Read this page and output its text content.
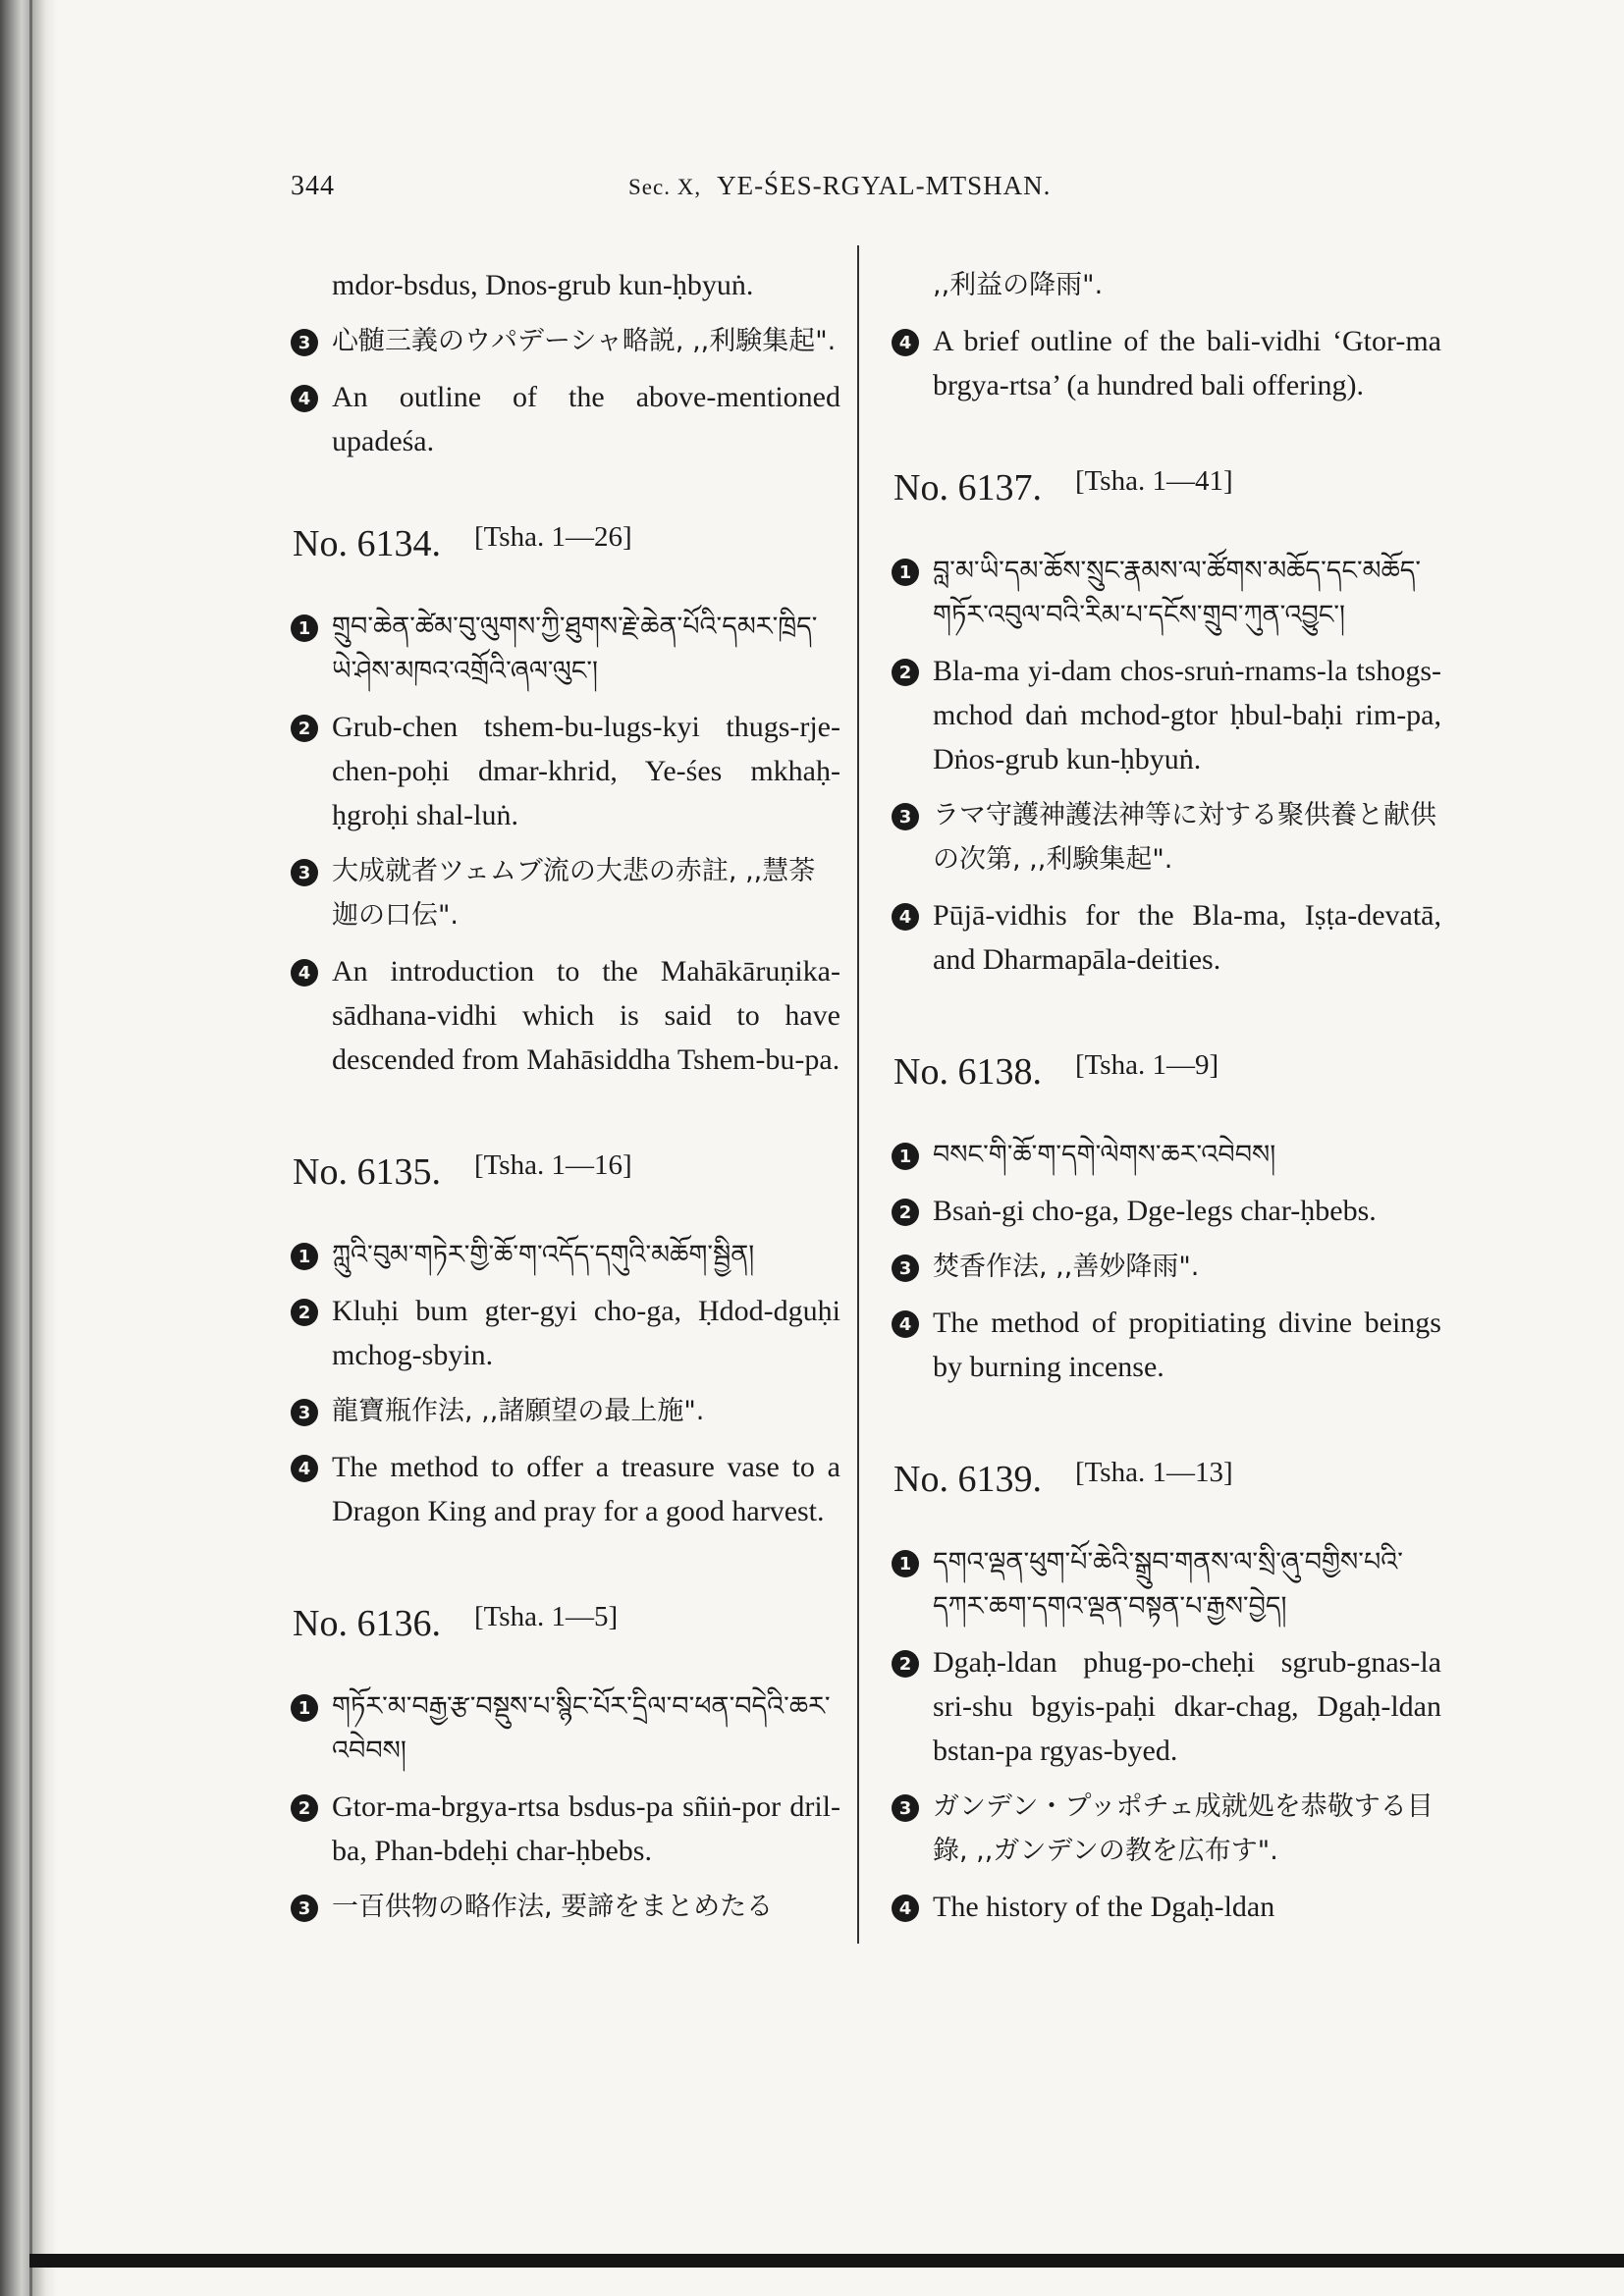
344	Sec. X, YE-ŚES-RGYAL-MTSHAN.
mdor-bsdus, Dnos-grub kun-ḥbyuṅ.
3 心髄三義のウパデーシャ略説, ,,利験集起".
4 An outline of the above-mentioned upadeśa.
No. 6134. [Tsha. 1—26]
1 གྲུབ་ཆེན་ཚེམ་བུ་ལུགས་ཀྱི་ཐུགས་རྗེ་ཆེན་པོའི་དམར་ཁྲིད་ཡེ་ཤེས་མཁའ་འགྲོའི་ཞལ་ལུང་།
2 Grub-chen tshem-bu-lugs-kyi thugs-rje-chen-poḥi dmar-khrid, Ye-śes mkhaḥ-ḥgroḥi shal-luṅ.
3 大成就者ツェムブ流の大悲の赤註, ,,慧荼迦の口伝".
4 An introduction to the Mahākāruṇika-sādhana-vidhi which is said to have descended from Mahāsiddha Tshem-bu-pa.
No. 6135. [Tsha. 1—16]
1 ཀླུའི་བུམ་གཏེར་གྱི་ཆོ་ག་འདོད་དགུའི་མཆོག་སྦྱིན།
2 Kluḥi bum gter-gyi cho-ga, Ḥdod-dguḥi mchog-sbyin.
3 龍寶瓶作法, ,,諸願望の最上施".
4 The method to offer a treasure vase to a Dragon King and pray for a good harvest.
No. 6136. [Tsha. 1—5]
1 གཏོར་མ་བརྒྱ་རྩ་བསྡུས་པ་སྙིང་པོར་དྲིལ་བ་ཕན་བདེའི་ཆར་འབེབས།
2 Gtor-ma-brgya-rtsa bsdus-pa sñiṅ-por dril-ba, Phan-bdeḥi char-ḥbebs.
3 一百供物の略作法, 要諦をまとめたる
,,利益の降雨".
4 A brief outline of the bali-vidhi ‘Gtor-ma brgya-rtsa’ (a hundred bali offering).
No. 6137. [Tsha. 1—41]
1 བླ་མ་ཡི་དམ་ཆོས་སྲུང་རྣམས་ལ་ཚོགས་མཆོད་དང་མཆོད་གཏོར་འབུལ་བའི་རིམ་པ་དངོས་གྲུབ་ཀུན་འབྱུང་།
2 Bla-ma yi-dam chos-sruṅ-rnams-la tshogs-mchod daṅ mchod-gtor ḥbul-baḥi rim-pa, Dṅos-grub kun-ḥbyuṅ.
3 ラマ守護神護法神等に対する聚供養と献供の次第, ,,利験集起".
4 Pūjā-vidhis for the Bla-ma, Iṣṭa-devatā, and Dharmapāla-deities.
No. 6138. [Tsha. 1—9]
1 བསང་གི་ཆོ་ག་དགེ་ལེགས་ཆར་འབེབས།
2 Bsaṅ-gi cho-ga, Dge-legs char-ḥbebs.
3 焚香作法, ,,善妙降雨".
4 The method of propitiating divine beings by burning incense.
No. 6139. [Tsha. 1—13]
1 དགའ་ལྡན་ཕུག་པོ་ཆེའི་སྒྲུབ་གནས་ལ་སྲི་ཞུ་བགྱིས་པའི་དཀར་ཆག་དགའ་ལྡན་བསྟན་པ་རྒྱས་བྱེད།
2 Dgaḥ-ldan phug-po-cheḥi sgrub-gnas-la sri-shu bgyis-paḥi dkar-chag, Dgaḥ-ldan bstan-pa rgyas-byed.
3 ガンデン・プッポチェ成就処を恭敬する目錄, ,,ガンデンの教を広布す".
4 The history of the Dgaḥ-ldan
